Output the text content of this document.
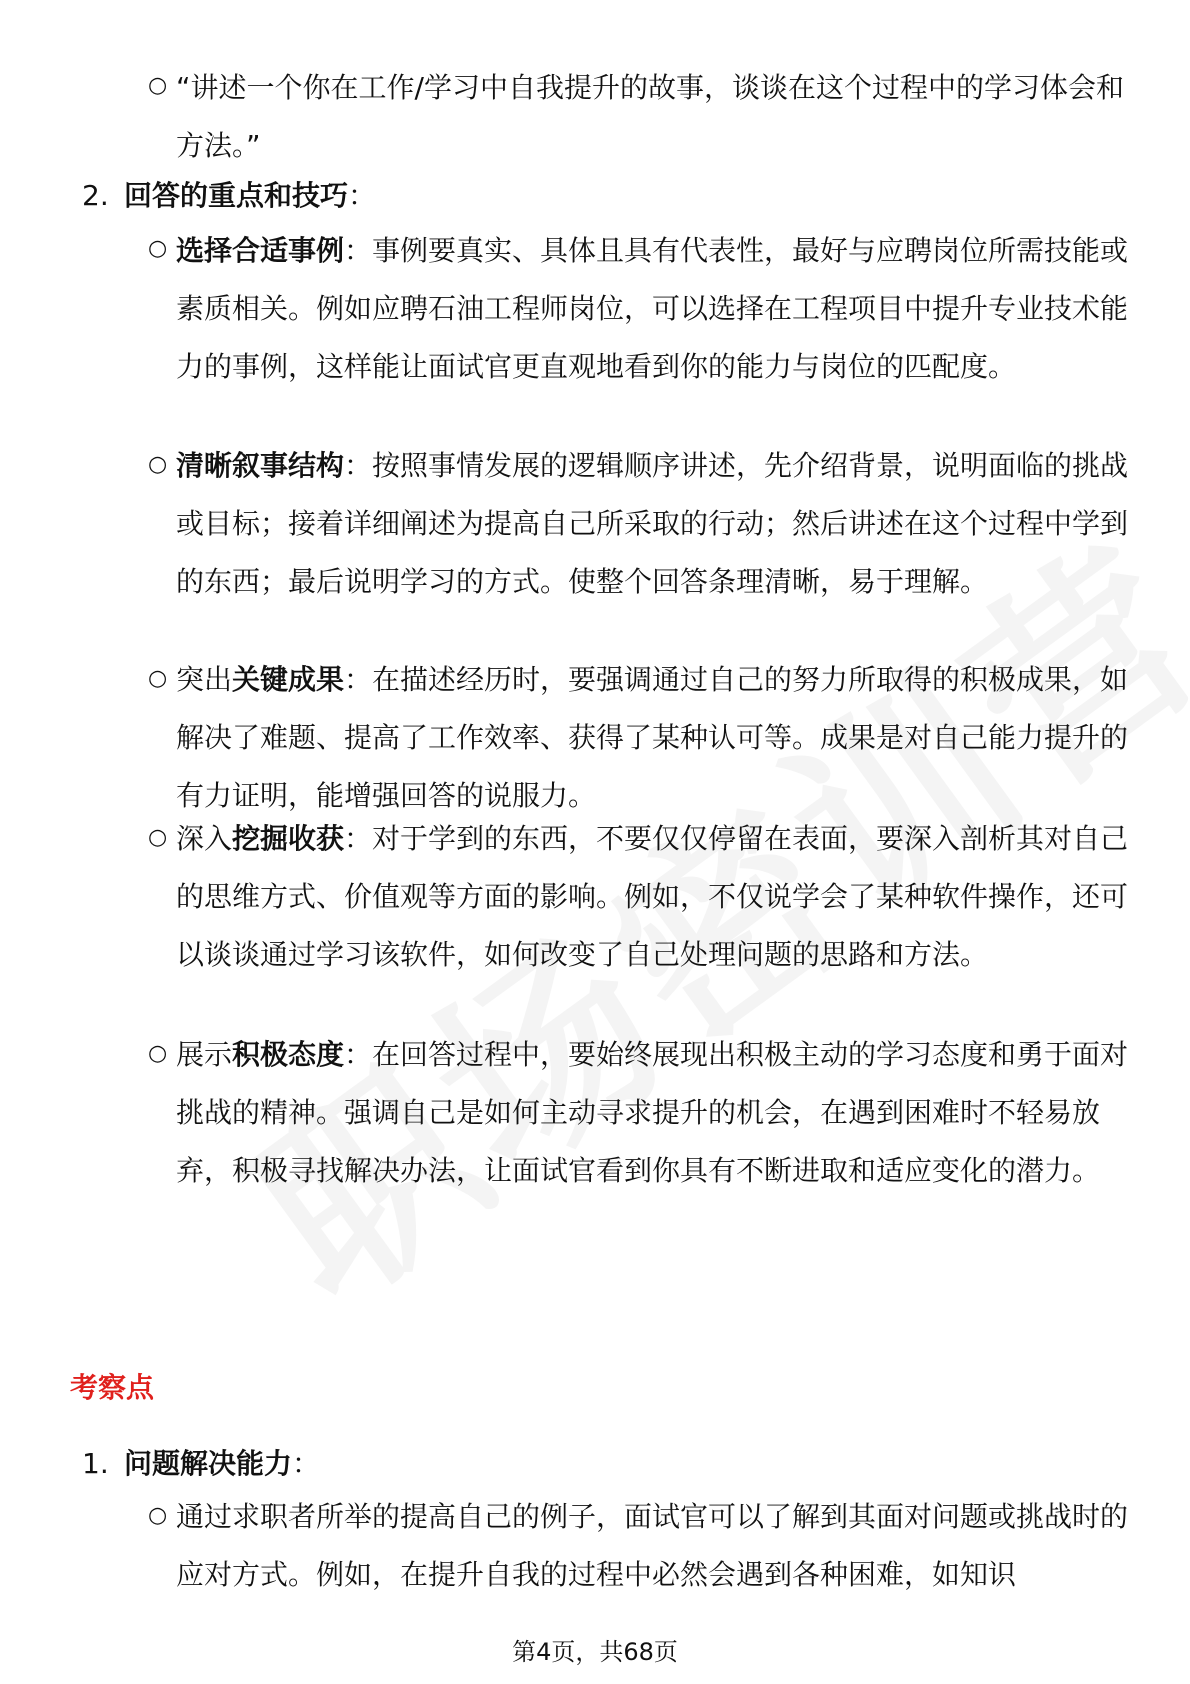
○ “讲述一个你在工作/学习中自我提升的故事，谈谈在这个过程中的学习体会和方法。”
2. 回答的重点和技巧：
○ 选择合适事例：事例要真实、具体且具有代表性，最好与应聘岗位所需技能或素质相关。例如应聘石油工程师岗位，可以选择在工程项目中提升专业技术能力的事例，这样能让面试官更直观地看到你的能力与岗位的匹配度。
○ 清晰叙事结构：按照事情发展的逻辑顺序讲述，先介绍背景，说明面临的挑战或目标；接着详细阐述为提高自己所采取的行动；然后讲述在这个过程中学到的东西；最后说明学习的方式。使整个回答条理清晰，易于理解。
○ 突出关键成果：在描述经历时，要强调通过自己的努力所取得的积极成果，如解决了难题、提高了工作效率、获得了某种认可等。成果是对自己能力提升的有力证明，能增强回答的说服力。
○ 深入挖掘收获：对于学到的东西，不要仅仅停留在表面，要深入剖析其对自己的思维方式、价值观等方面的影响。例如，不仅说学会了某种软件操作，还可以谈谈通过学习该软件，如何改变了自己处理问题的思路和方法。
○ 展示积极态度：在回答过程中，要始终展现出积极主动的学习态度和勇于面对挑战的精神。强调自己是如何主动寻求提升的机会，在遇到困难时不轻易放弃，积极寻找解决办法，让面试官看到你具有不断进取和适应变化的潜力。
考察点
1. 问题解决能力：
○ 通过求职者所举的提高自己的例子，面试官可以了解到其面对问题或挑战时的应对方式。例如，在提升自我的过程中必然会遇到各种困难，如知识
第4页，共68页
